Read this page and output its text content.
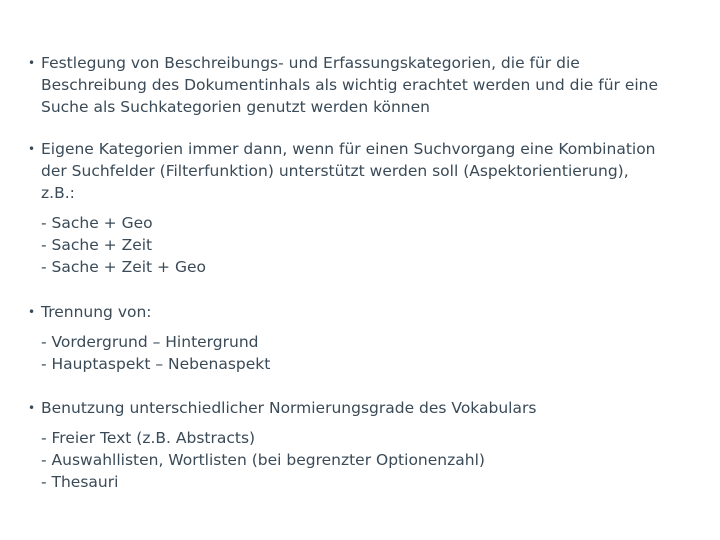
• Festlegung von Beschreibungs- und Erfassungskategorien, die für die
Beschreibung des Dokumentinhals als wichtig erachtet werden und die für eine
Suche als Suchkategorien genutzt werden können
• Eigene Kategorien immer dann, wenn für einen Suchvorgang eine Kombination
der Suchfelder (Filterfunktion) unterstützt werden soll (Aspektorientierung),
z.B.:
- Sache + Geo
- Sache + Zeit
- Sache + Zeit + Geo
• Trennung von:
- Vordergrund – Hintergrund
- Hauptaspekt – Nebenaspekt
• Benutzung unterschiedlicher Normierungsgrade des Vokabulars
- Freier Text (z.B. Abstracts)
- Auswahllisten, Wortlisten (bei begrenzter Optionenzahl)
- Thesauri
